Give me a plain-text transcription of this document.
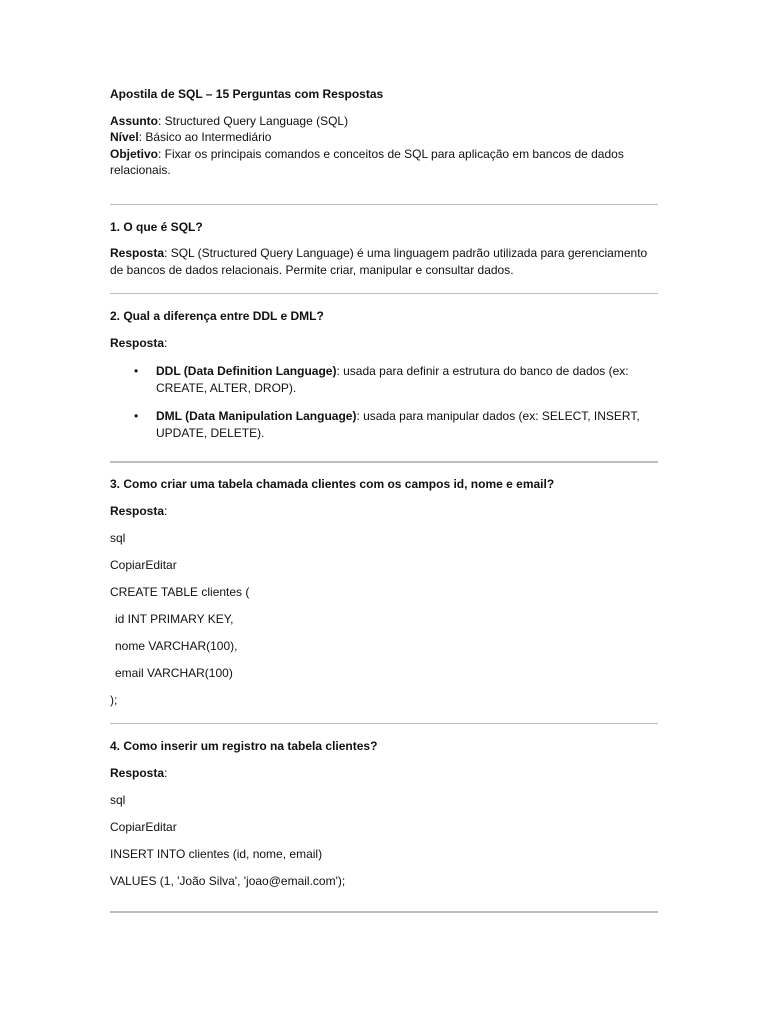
Apostila de SQL – 15 Perguntas com Respostas

Assunto: Structured Query Language (SQL)

Nível: Básico ao Intermediário

Objetivo: Fixar os principais comandos e conceitos de SQL para aplicação em bancos de dados relacionais.

1. O que é SQL?

Resposta: SQL (Structured Query Language) é uma linguagem padrão utilizada para gerenciamento de bancos de dados relacionais. Permite criar, manipular e consultar dados.

2. Qual a diferença entre DDL e DML?

Resposta:

• DDL (Data Definition Language): usada para definir a estrutura do banco de dados (ex: CREATE, ALTER, DROP).
• DML (Data Manipulation Language): usada para manipular dados (ex: SELECT, INSERT, UPDATE, DELETE).

3. Como criar uma tabela chamada clientes com os campos id, nome e email?

Resposta:

sql

CopiarEditar

CREATE TABLE clientes (

id INT PRIMARY KEY,

nome VARCHAR(100),

email VARCHAR(100)

);

4. Como inserir um registro na tabela clientes?

Resposta:

sql

CopiarEditar

INSERT INTO clientes (id, nome, email)

VALUES (1, 'João Silva', 'joao@email.com');
